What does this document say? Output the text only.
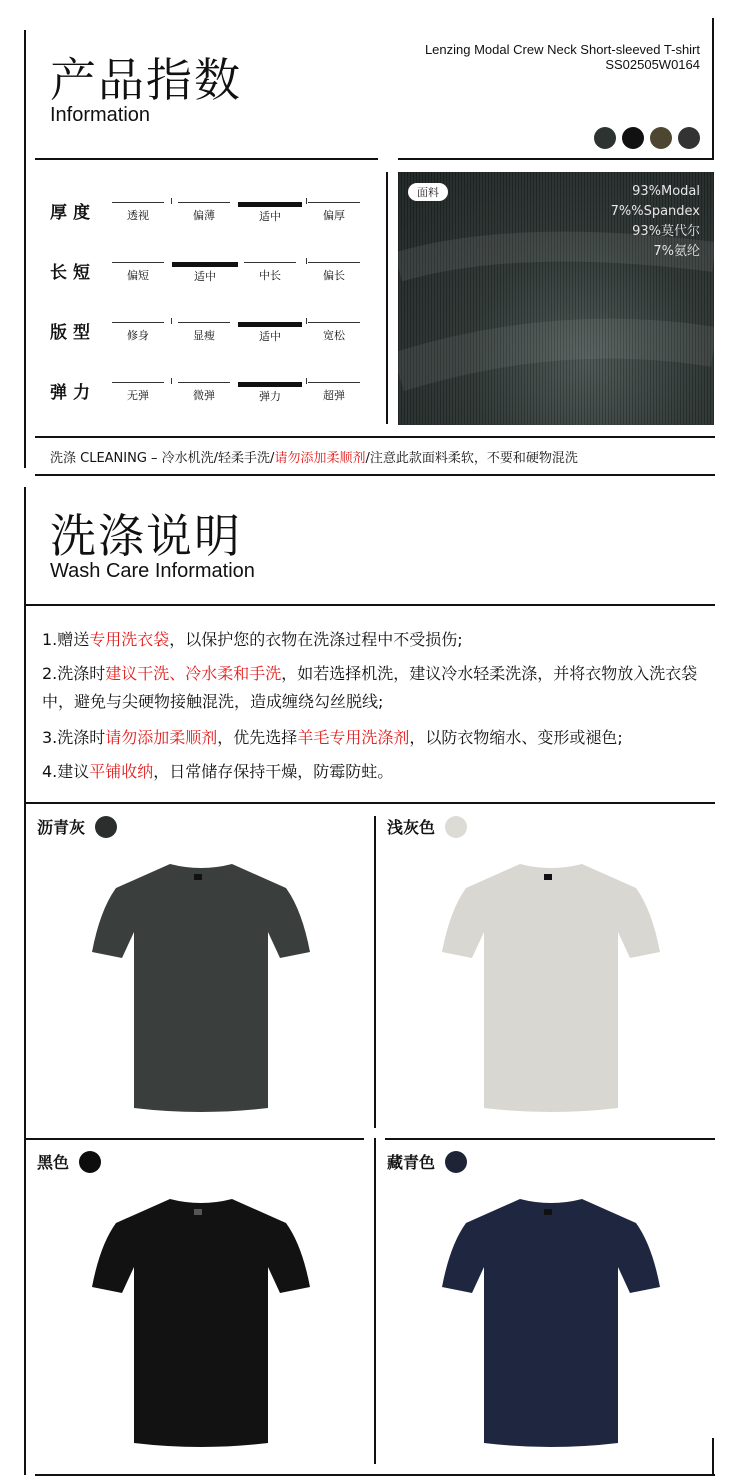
产品指数
Information
Lenzing Modal Crew Neck Short-sleeved T-shirt
SS02505W0164
厚度	透视	偏薄	适中	偏厚
长短	偏短	适中	中长	偏长
版型	修身	显瘦	适中	宽松
弹力	无弹	微弹	弹力	超弹
面料	93%Modal
7%%Spandex
93%莫代尔
7%氨纶
洗涤 CLEANING – 冷水机洗/轻柔手洗/请勿添加柔顺剂/注意此款面料柔软，不要和硬物混洗
洗涤说明
Wash Care Information
1.赠送专用洗衣袋，以保护您的衣物在洗涤过程中不受损伤;
2.洗涤时建议干洗、冷水柔和手洗，如若选择机洗，建议冷水轻柔洗涤，并将衣物放入洗衣袋中，避免与尖硬物接触混洗，造成缠绕勾丝脱线;
3.洗涤时请勿添加柔顺剂，优先选择羊毛专用洗涤剂，以防衣物缩水、变形或褪色;
4.建议平铺收纳，日常储存保持干燥，防霉防蛀。
沥青灰	浅灰色
黑色	藏青色
